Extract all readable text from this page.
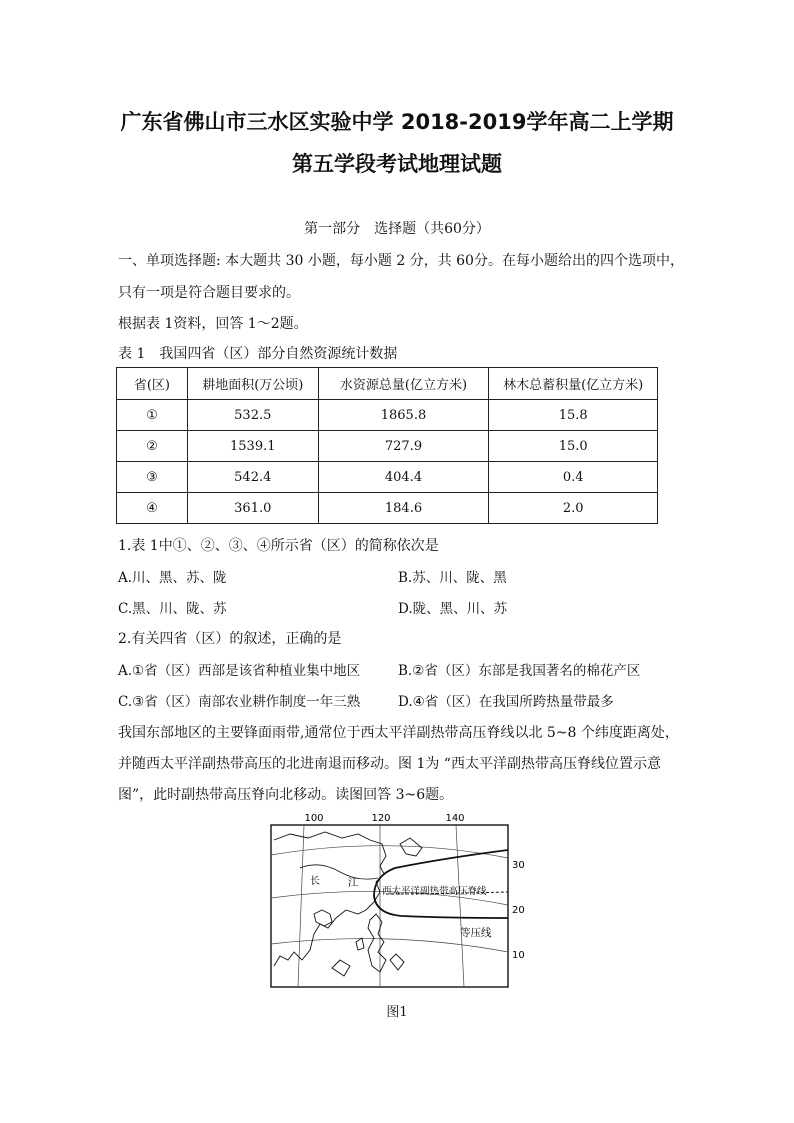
广东省佛山市三水区实验中学 2018-2019学年高二上学期
第五学段考试地理试题
第一部分　选择题（共60分）
一、单项选择题: 本大题共 30 小题，每小题 2 分，共 60分。在每小题给出的四个选项中，
只有一项是符合题目要求的。
根据表 1资料，回答 1～2题。
表 1　我国四省（区）部分自然资源统计数据
省(区)	耕地面积(万公顷)	水资源总量(亿立方米)	林木总蓄积量(亿立方米)
①	532.5	1865.8	15.8
②	1539.1	727.9	15.0
③	542.4	404.4	0.4
④	361.0	184.6	2.0
1.表 1中①、②、③、④所示省（区）的简称依次是
A.川、黑、苏、陇	B.苏、川、陇、黑
C.黑、川、陇、苏	D.陇、黑、川、苏
2.有关四省（区）的叙述，正确的是
A.①省（区）西部是该省种植业集中地区	B.②省（区）东部是我国著名的棉花产区
C.③省（区）南部农业耕作制度一年三熟	D.④省（区）在我国所跨热量带最多
我国东部地区的主要锋面雨带,通常位于西太平洋副热带高压脊线以北 5~8 个纬度距离处，
并随西太平洋副热带高压的北进南退而移动。图 1为 “西太平洋副热带高压脊线位置示意
图”，此时副热带高压脊向北移动。读图回答 3~6题。
100	120	140
长	江
西太平洋副热带高压脊线
等压线
30
20
10
图1
